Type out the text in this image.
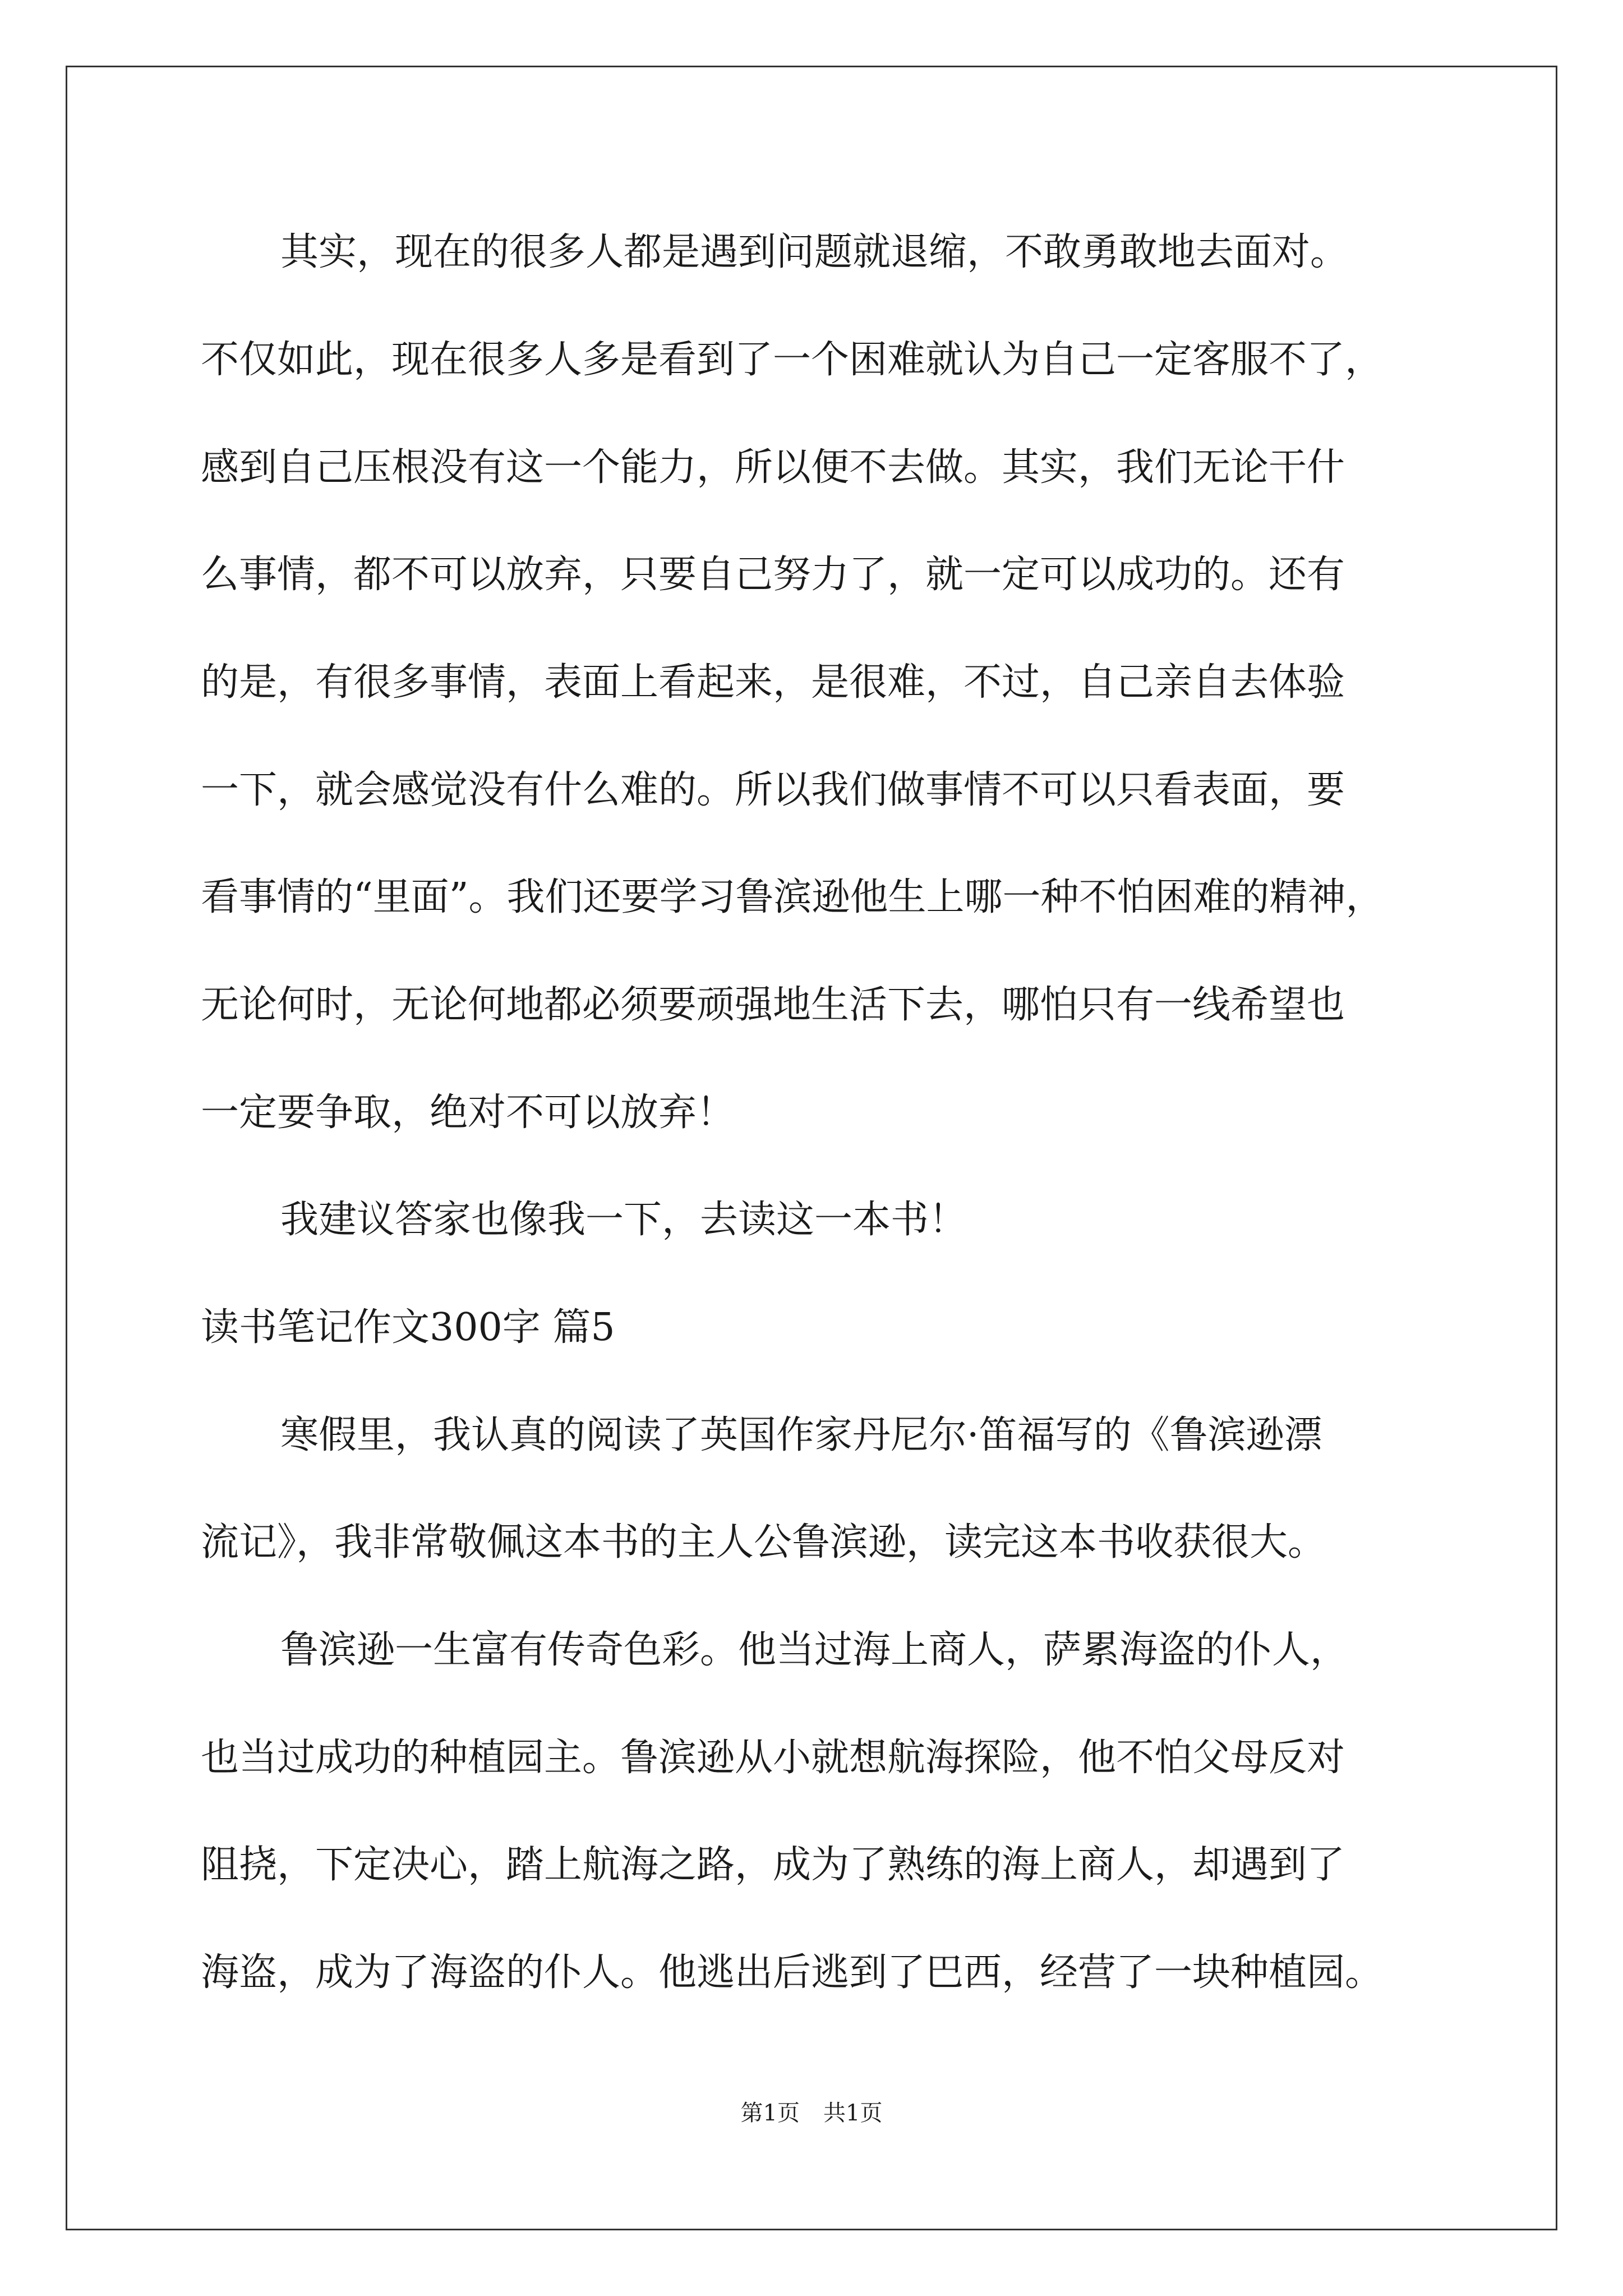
其实，现在的很多人都是遇到问题就退缩，不敢勇敢地去面对。
不仅如此，现在很多人多是看到了一个困难就认为自己一定客服不了，
感到自己压根没有这一个能力，所以便不去做。其实，我们无论干什
么事情，都不可以放弃，只要自己努力了，就一定可以成功的。还有
的是，有很多事情，表面上看起来，是很难，不过，自己亲自去体验
一下，就会感觉没有什么难的。所以我们做事情不可以只看表面，要
看事情的“里面”。我们还要学习鲁滨逊他生上哪一种不怕困难的精神，
无论何时，无论何地都必须要顽强地生活下去，哪怕只有一线希望也
一定要争取，绝对不可以放弃！
我建议答家也像我一下，去读这一本书！
读书笔记作文300字 篇5
寒假里，我认真的阅读了英国作家丹尼尔·笛福写的《鲁滨逊漂
流记》，我非常敬佩这本书的主人公鲁滨逊，读完这本书收获很大。
鲁滨逊一生富有传奇色彩。他当过海上商人，萨累海盗的仆人，
也当过成功的种植园主。鲁滨逊从小就想航海探险，他不怕父母反对
阻挠，下定决心，踏上航海之路，成为了熟练的海上商人，却遇到了
海盗，成为了海盗的仆人。他逃出后逃到了巴西，经营了一块种植园。
第1页 共1页
